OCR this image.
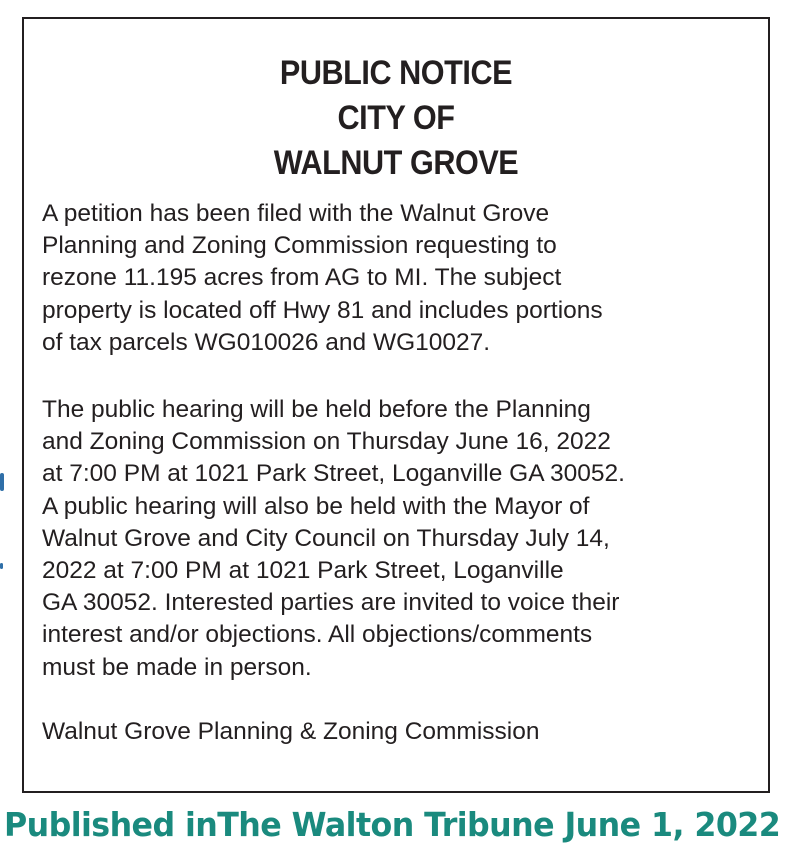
PUBLIC NOTICE
CITY OF
WALNUT GROVE
A petition has been filed with the Walnut Grove
Planning and Zoning Commission requesting to
rezone 11.195 acres from AG to MI. The subject
property is located off Hwy 81 and includes portions
of tax parcels WG010026 and WG10027.
The public hearing will be held before the Planning
and Zoning Commission on Thursday June 16, 2022
at 7:00 PM at 1021 Park Street, Loganville GA 30052.
A public hearing will also be held with the Mayor of
Walnut Grove and City Council on Thursday July 14,
2022 at 7:00 PM at 1021 Park Street, Loganville
GA 30052. Interested parties are invited to voice their
interest and/or objections. All objections/comments
must be made in person.
Walnut Grove Planning & Zoning Commission
Published inThe Walton Tribune June 1, 2022
